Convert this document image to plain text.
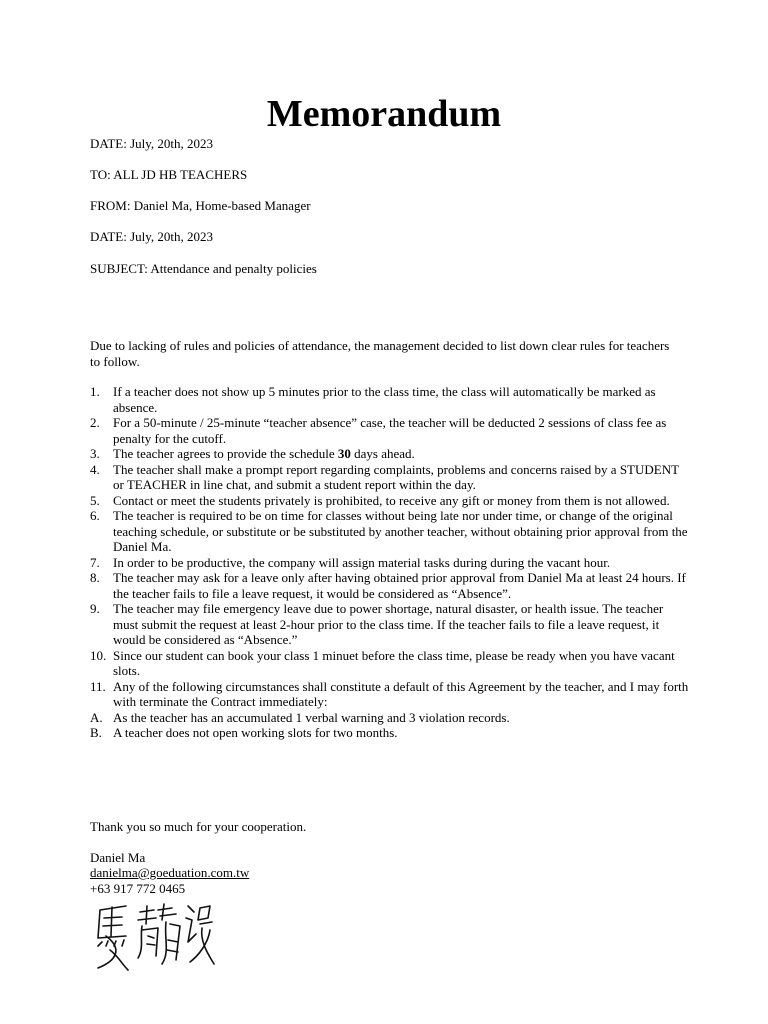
Memorandum
DATE: July, 20th, 2023
TO: ALL JD HB TEACHERS
FROM: Daniel Ma, Home-based Manager
DATE: July, 20th, 2023
SUBJECT: Attendance and penalty policies
Due to lacking of rules and policies of attendance, the management decided to list down clear rules for teachers to follow.
1. If a teacher does not show up 5 minutes prior to the class time, the class will automatically be marked as absence.
2. For a 50-minute / 25-minute “teacher absence” case, the teacher will be deducted 2 sessions of class fee as penalty for the cutoff.
3. The teacher agrees to provide the schedule 30 days ahead.
4. The teacher shall make a prompt report regarding complaints, problems and concerns raised by a STUDENT or TEACHER in line chat, and submit a student report within the day.
5. Contact or meet the students privately is prohibited, to receive any gift or money from them is not allowed.
6. The teacher is required to be on time for classes without being late nor under time, or change of the original teaching schedule, or substitute or be substituted by another teacher, without obtaining prior approval from the Daniel Ma.
7. In order to be productive, the company will assign material tasks during during the vacant hour.
8. The teacher may ask for a leave only after having obtained prior approval from Daniel Ma at least 24 hours. If the teacher fails to file a leave request, it would be considered as “Absence”.
9. The teacher may file emergency leave due to power shortage, natural disaster, or health issue. The teacher must submit the request at least 2-hour prior to the class time. If the teacher fails to file a leave request, it would be considered as “Absence.”
10. Since our student can book your class 1 minuet before the class time, please be ready when you have vacant slots.
11. Any of the following circumstances shall constitute a default of this Agreement by the teacher, and I may forth with terminate the Contract immediately:
A. As the teacher has an accumulated 1 verbal warning and 3 violation records.
B. A teacher does not open working slots for two months.
Thank you so much for your cooperation.
Daniel Ma
danielma@goeduation.com.tw
+63 917 772 0465
